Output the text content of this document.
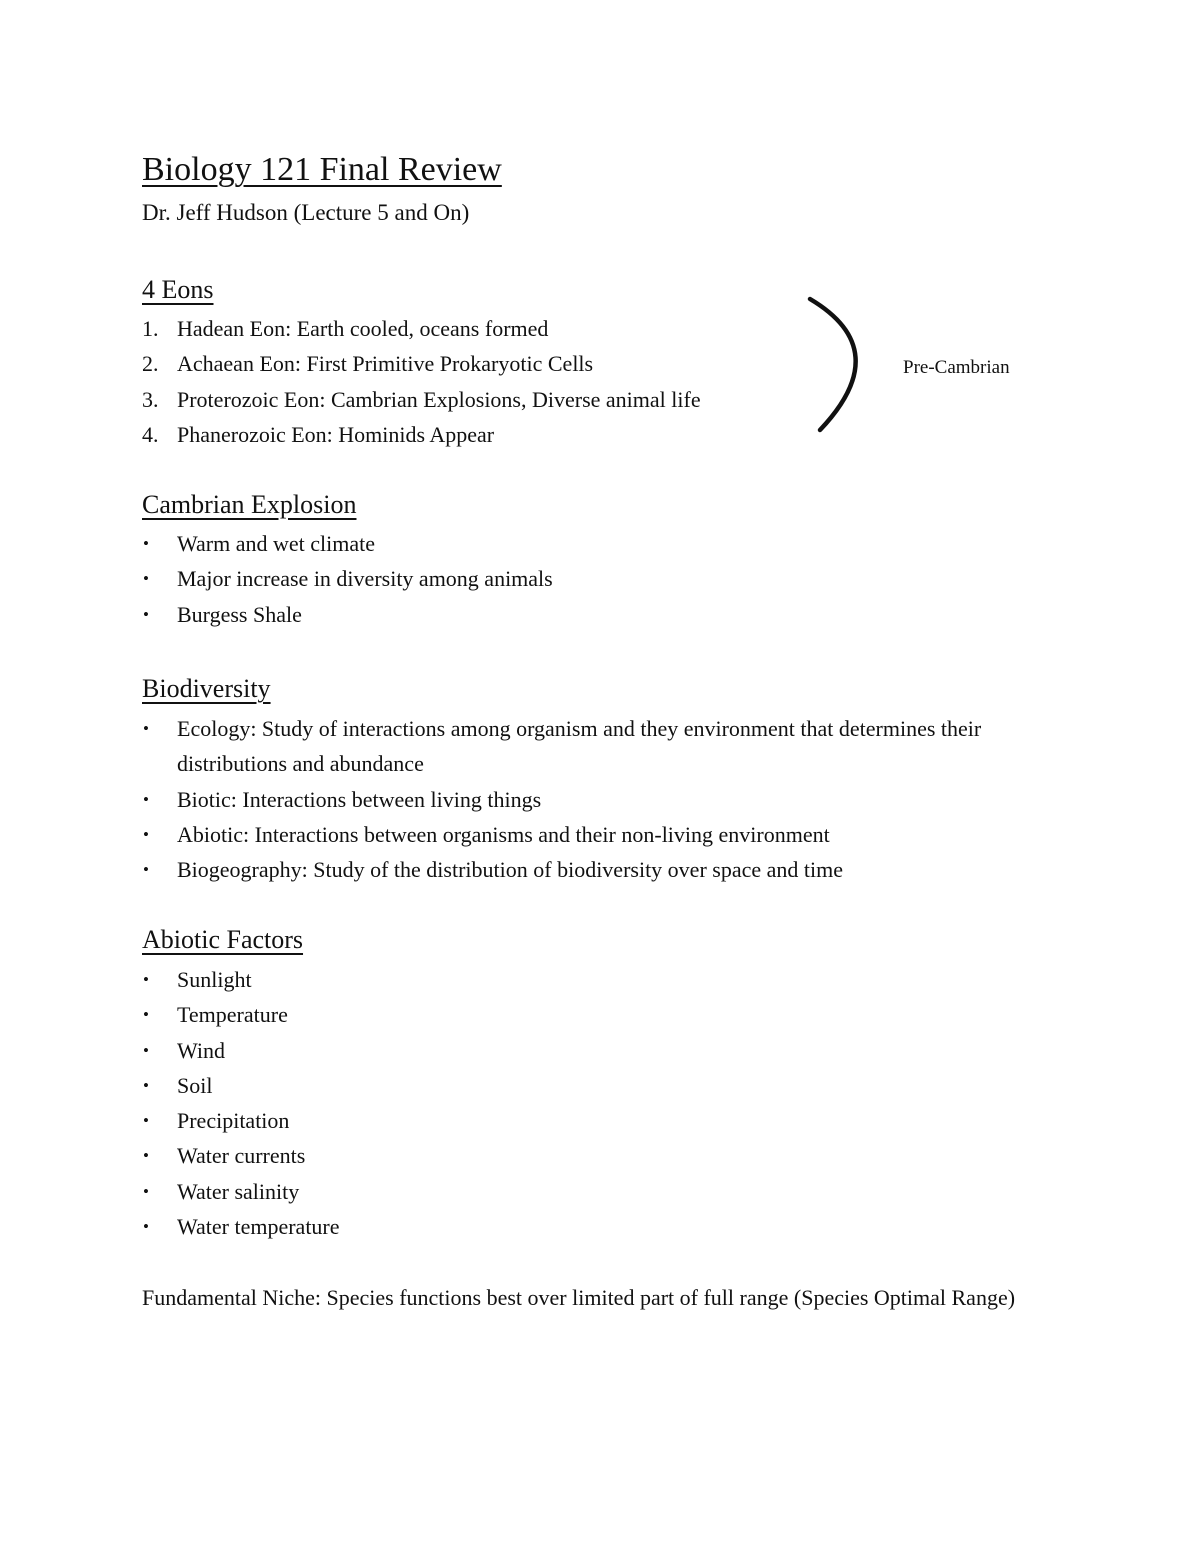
Biology 121 Final Review
Dr. Jeff Hudson (Lecture 5 and On)
4 Eons
1. Hadean Eon: Earth cooled, oceans formed
2. Achaean Eon: First Primitive Prokaryotic Cells
3. Proterozoic Eon: Cambrian Explosions, Diverse animal life
4. Phanerozoic Eon: Hominids Appear
Pre-Cambrian
Cambrian Explosion
•	Warm and wet climate
•	Major increase in diversity among animals
•	Burgess Shale
Biodiversity
•	Ecology: Study of interactions among organism and they environment that determines their distributions and abundance
•	Biotic: Interactions between living things
•	Abiotic: Interactions between organisms and their non-living environment
•	Biogeography: Study of the distribution of biodiversity over space and time
Abiotic Factors
•	Sunlight
•	Temperature
•	Wind
•	Soil
•	Precipitation
•	Water currents
•	Water salinity
•	Water temperature

Fundamental Niche: Species functions best over limited part of full range (Species Optimal Range)
